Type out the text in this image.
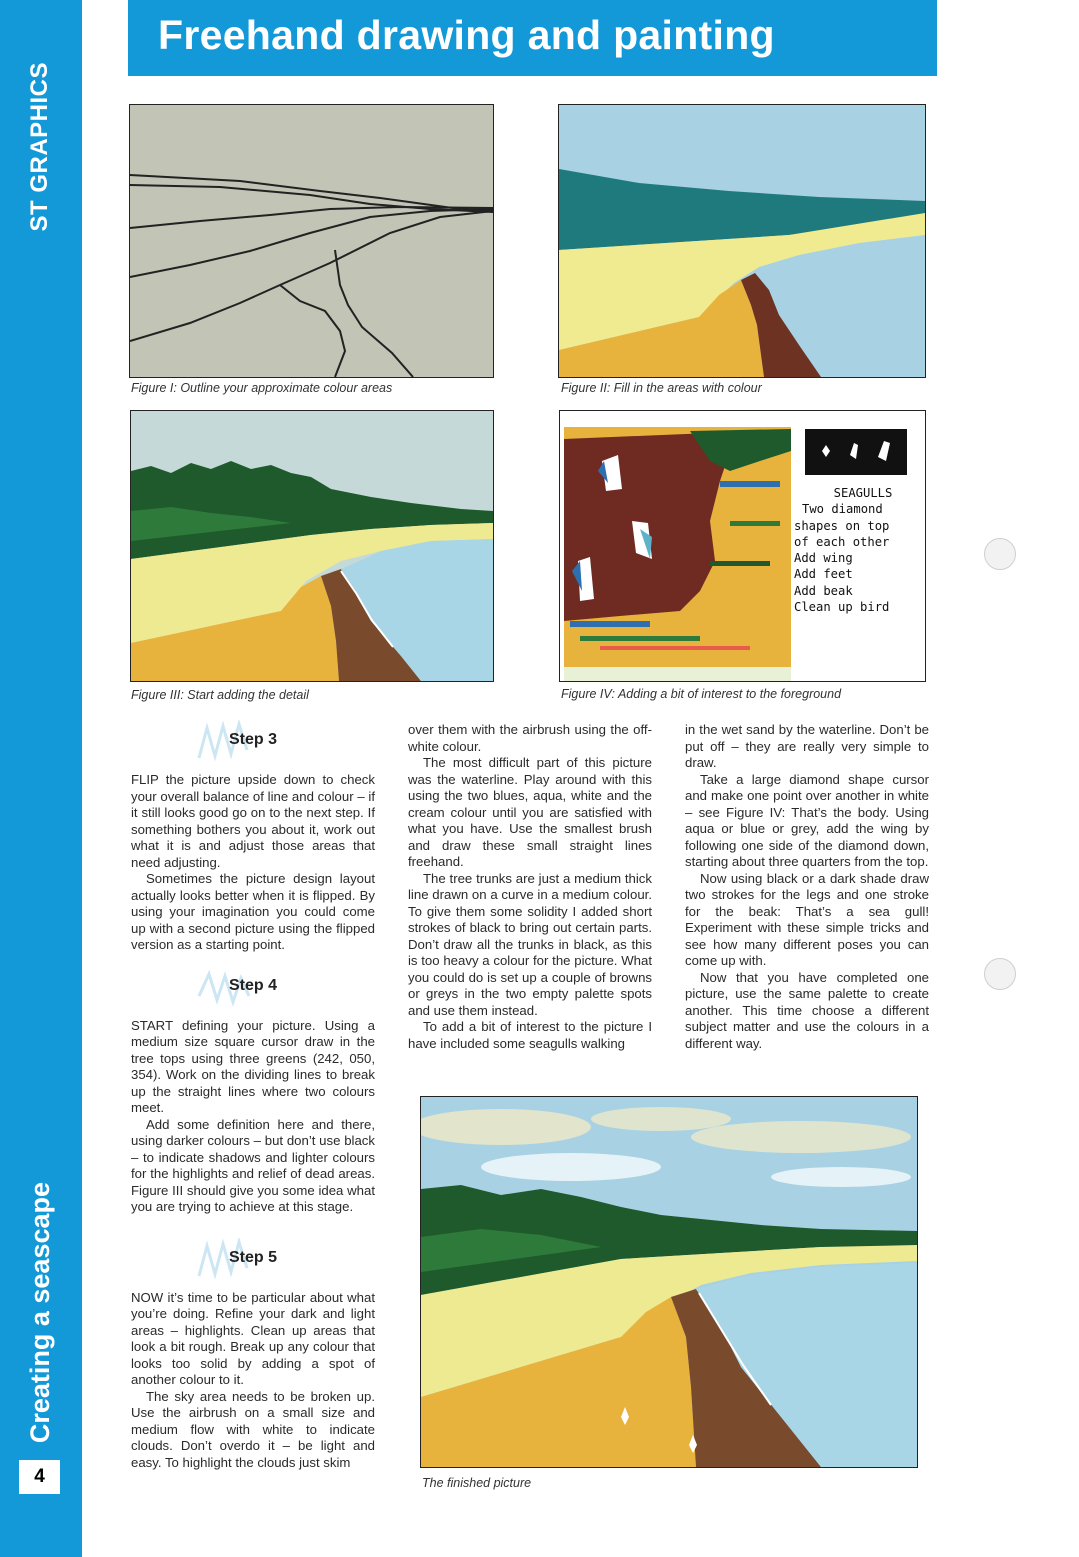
ST GRAPHICS
Creating a seascape
4
Freehand drawing and painting
Figure I: Outline your approximate colour areas	Figure II: Fill in the areas with colour
Figure III: Start adding the detail
SEAGULLS
Two diamond
shapes on top
of each other
Add wing
Add feet
Add beak
Clean up bird
Figure IV: Adding a bit of interest to the foreground
Step 3

FLIP the picture upside down to check your overall balance of line and colour – if it still looks good go on to the next step. If something bothers you about it, work out what it is and adjust those areas that need adjusting.

Sometimes the picture design layout actually looks better when it is flipped. By using your imagination you could come up with a second picture using the flipped version as a starting point.

Step 4

START defining your picture. Using a medium size square cursor draw in the tree tops using three greens (242, 050, 354). Work on the dividing lines to break up the straight lines where two colours meet.

Add some definition here and there, using darker colours – but don’t use black – to indicate shadows and lighter colours for the highlights and relief of dead areas. Figure III should give you some idea what you are trying to achieve at this stage.

Step 5

NOW it’s time to be particular about what you’re doing. Refine your dark and light areas – highlights. Clean up areas that look a bit rough. Break up any colour that looks too solid by adding a spot of another colour to it.

The sky area needs to be broken up. Use the airbrush on a small size and medium flow with white to indicate clouds. Don’t overdo it – be light and easy. To highlight the clouds just skim

over them with the airbrush using the off-white colour.

The most difficult part of this picture was the waterline. Play around with this using the two blues, aqua, white and the cream colour until you are satisfied with what you have. Use the smallest brush and draw these small straight lines freehand.

The tree trunks are just a medium thick line drawn on a curve in a medium colour. To give them some solidity I added short strokes of black to bring out certain parts. Don’t draw all the trunks in black, as this is too heavy a colour for the picture. What you could do is set up a couple of browns or greys in the two empty palette spots and use them instead.

To add a bit of interest to the picture I have included some seagulls walking

in the wet sand by the waterline. Don’t be put off – they are really very simple to draw.

Take a large diamond shape cursor and make one point over another in white – see Figure IV: That’s the body. Using aqua or blue or grey, add the wing by following one side of the diamond down, starting about three quarters from the top.

Now using black or a dark shade draw two strokes for the legs and one stroke for the beak: That’s a sea gull! Experiment with these simple tricks and see how many different poses you can come up with.

Now that you have completed one picture, use the same palette to create another. This time choose a different subject matter and use the colours in a different way.

The finished picture
